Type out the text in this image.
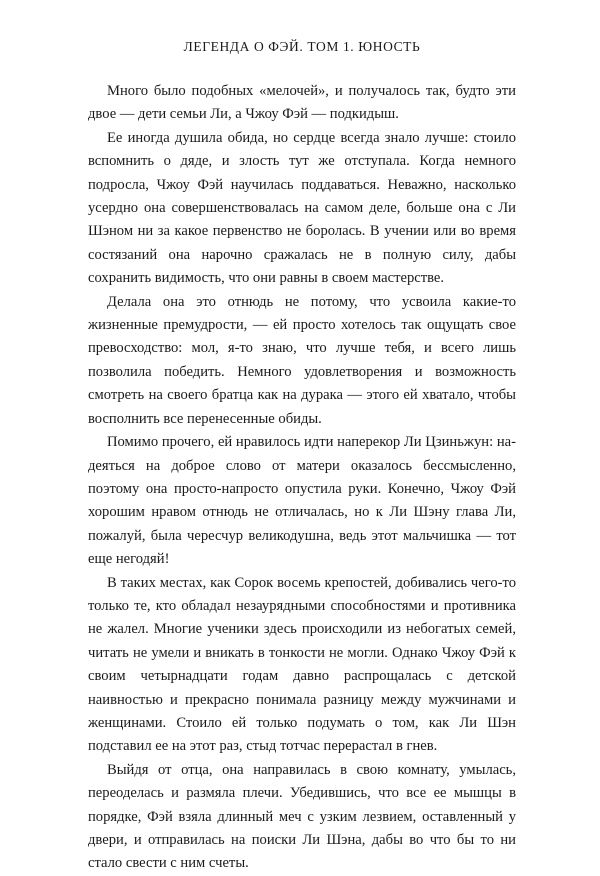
ЛЕГЕНДА О ФЭЙ. ТОМ 1. ЮНОСТЬ

Много было подобных «мелочей», и получалось так, будто эти двое — дети семьи Ли, а Чжоу Фэй — подкидыш.

Ее иногда душила обида, но сердце всегда знало лучше: стоило вспомнить о дяде, и злость тут же отступала. Когда немного подросла, Чжоу Фэй научилась поддаваться. Неважно, насколько усердно она совершенствовалась на самом деле, больше она с Ли Шэном ни за какое первенство не боролась. В учении или во время состязаний она нарочно сражалась не в полную силу, дабы сохранить видимость, что они равны в своем мастерстве.

Делала она это отнюдь не потому, что усвоила какие-то жизненные премудрости, — ей просто хотелось так ощущать свое превосходство: мол, я-то знаю, что лучше тебя, и всего лишь позволила победить. Немного удовлетворения и возможность смотреть на своего братца как на дурака — этого ей хватало, чтобы восполнить все перенесенные обиды.

Помимо прочего, ей нравилось идти наперекор Ли Цзиньжун: надеяться на доброе слово от матери оказалось бессмысленно, поэтому она просто-напросто опустила руки. Конечно, Чжоу Фэй хорошим нравом отнюдь не отличалась, но к Ли Шэну глава Ли, пожалуй, была чересчур великодушна, ведь этот мальчишка — тот еще негодяй!

В таких местах, как Сорок восемь крепостей, добивались чего-то только те, кто обладал незаурядными способностями и противника не жалел. Многие ученики здесь происходили из небогатых семей, читать не умели и вникать в тонкости не могли. Однако Чжоу Фэй к своим четырнадцати годам давно распрощалась с детской наивностью и прекрасно понимала разницу между мужчинами и женщинами. Стоило ей только подумать о том, как Ли Шэн подставил ее на этот раз, стыд тотчас перерастал в гнев.

Выйдя от отца, она направилась в свою комнату, умылась, переоделась и размяла плечи. Убедившись, что все ее мышцы в порядке, Фэй взяла длинный меч с узким лезвием, оставленный у двери, и отправилась на поиски Ли Шэна, дабы во что бы то ни стало свести с ним счеты.
